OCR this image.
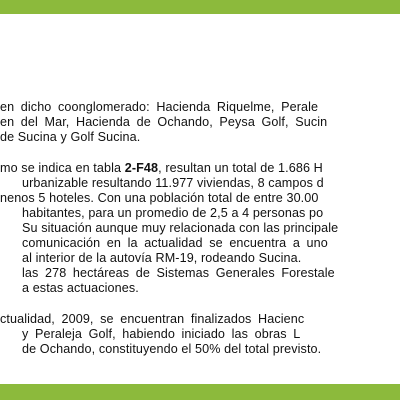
en dicho coonglomerado: Hacienda Riquelme, Perale
en del Mar, Hacienda de Ochando, Peysa Golf, Sucin
de Sucina y Golf Sucina.
mo se indica en tabla 2-F48, resultan un total de 1.686 H
urbanizable resultando 11.977 viviendas, 8 campos d
nenos 5 hoteles. Con una población total de entre 30.00
habitantes, para un promedio de 2,5 a 4 personas po
Su situación aunque muy relacionada con las principale
comunicación en la actualidad se encuentra a uno
al interior de la autovía RM-19, rodeando Sucina.
las 278 hectáreas de Sistemas Generales Forestale
a estas actuaciones.
ctualidad, 2009, se encuentran finalizados Hacienc
y Peraleja Golf, habiendo iniciado las obras L
de Ochando, constituyendo el 50% del total previsto.
